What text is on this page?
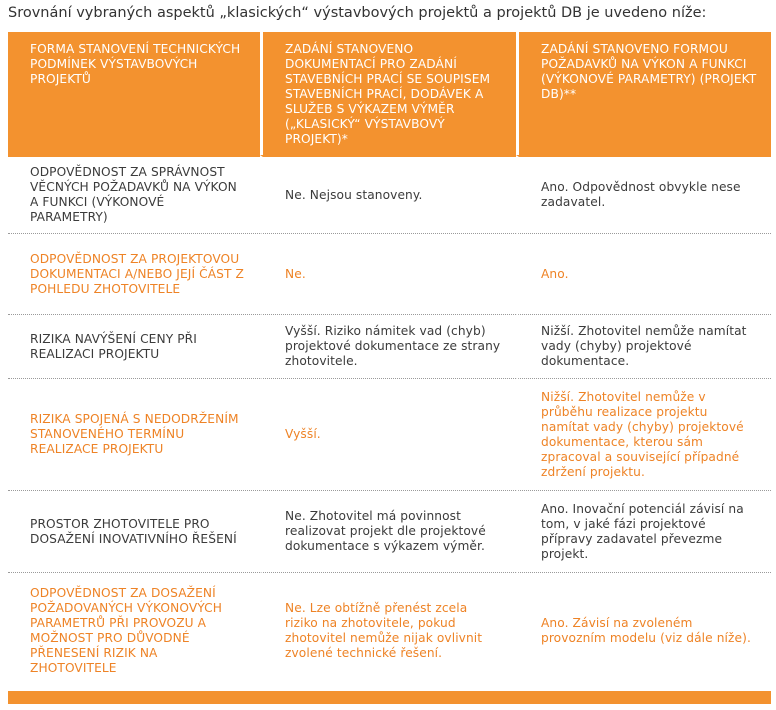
Srovnání vybraných aspektů „klasických“ výstavbových projektů a projektů DB je uvedeno níže:
FORMA STANOVENÍ TECHNICKÝCH PODMÍNEK VÝSTAVBOVÝCH PROJEKTŮ	ZADÁNÍ STANOVENO DOKUMENTACÍ PRO ZADÁNÍ STAVEBNÍCH PRACÍ SE SOUPISEM STAVEBNÍCH PRACÍ, DODÁVEK A SLUŽEB S VÝKAZEM VÝMĚR („KLASICKÝ“ VÝSTAVBOVÝ PROJEKT)*	ZADÁNÍ STANOVENO FORMOU POŽADAVKŮ NA VÝKON A FUNKCI (VÝKONOVÉ PARAMETRY) (PROJEKT DB)**
ODPOVĚDNOST ZA SPRÁVNOST VĚCNÝCH POŽADAVKŮ NA VÝKON A FUNKCI (VÝKONOVÉ PARAMETRY)	Ne. Nejsou stanoveny.	Ano. Odpovědnost obvykle nese zadavatel.
ODPOVĚDNOST ZA PROJEKTOVOU DOKUMENTACI A/NEBO JEJÍ ČÁST Z POHLEDU ZHOTOVITELE	Ne.	Ano.
RIZIKA NAVÝŠENÍ CENY PŘI REALIZACI PROJEKTU	Vyšší. Riziko námitek vad (chyb) projektové dokumentace ze strany zhotovitele.	Nižší. Zhotovitel nemůže namítat vady (chyby) projektové dokumentace.
RIZIKA SPOJENÁ S NEDODRŽENÍM STANOVENÉHO TERMÍNU REALIZACE PROJEKTU	Vyšší.	Nižší. Zhotovitel nemůže v průběhu realizace projektu namítat vady (chyby) projektové dokumentace, kterou sám zpracoval a související případné zdržení projektu.
PROSTOR ZHOTOVITELE PRO DOSAŽENÍ INOVATIVNÍHO ŘEŠENÍ	Ne. Zhotovitel má povinnost realizovat projekt dle projektové dokumentace s výkazem výměr.	Ano. Inovační potenciál závisí na tom, v jaké fázi projektové přípravy zadavatel převezme projekt.
ODPOVĚDNOST ZA DOSAŽENÍ POŽADOVANÝCH VÝKONOVÝCH PARAMETRŮ PŘI PROVOZU A MOŽNOST PRO DŮVODNÉ PŘENESENÍ RIZIK NA ZHOTOVITELE	Ne. Lze obtížně přenést zcela riziko na zhotovitele, pokud zhotovitel nemůže nijak ovlivnit zvolené technické řešení.	Ano. Závisí na zvoleném provozním modelu (viz dále níže).
